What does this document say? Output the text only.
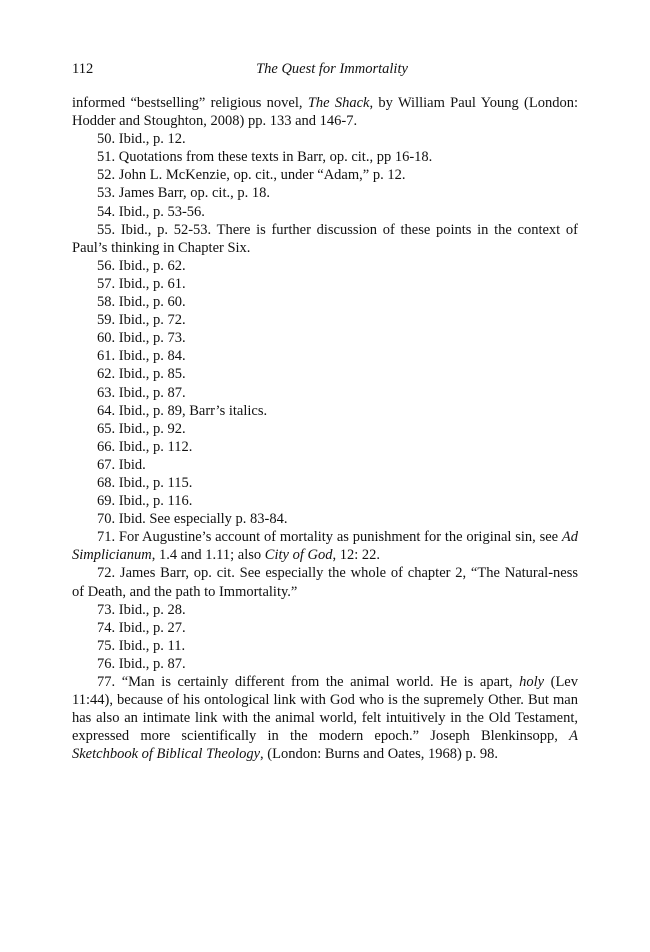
112	The Quest for Immortality

informed “bestselling” religious novel, The Shack, by William Paul Young (London: Hodder and Stoughton, 2008) pp. 133 and 146-7.

50. Ibid., p. 12.

51. Quotations from these texts in Barr, op. cit., pp 16-18.

52. John L. McKenzie, op. cit., under “Adam,” p. 12.

53. James Barr, op. cit., p. 18.

54. Ibid., p. 53-56.

55. Ibid., p. 52-53. There is further discussion of these points in the context of Paul’s thinking in Chapter Six.

56. Ibid., p. 62.

57. Ibid., p. 61.

58. Ibid., p. 60.

59. Ibid., p. 72.

60. Ibid., p. 73.

61. Ibid., p. 84.

62. Ibid., p. 85.

63. Ibid., p. 87.

64. Ibid., p. 89, Barr’s italics.

65. Ibid., p. 92.

66. Ibid., p. 112.

67. Ibid.

68. Ibid., p. 115.

69. Ibid., p. 116.

70. Ibid. See especially p. 83-84.

71. For Augustine’s account of mortality as punishment for the original sin, see Ad Simplicianum, 1.4 and 1.11; also City of God, 12: 22.

72. James Barr, op. cit. See especially the whole of chapter 2, “The Natural-ness of Death, and the path to Immortality.”

73. Ibid., p. 28.

74. Ibid., p. 27.

75. Ibid., p. 11.

76. Ibid., p. 87.

77. “Man is certainly different from the animal world. He is apart, holy (Lev 11:44), because of his ontological link with God who is the supremely Other. But man has also an intimate link with the animal world, felt intuitively in the Old Testament, expressed more scientifically in the modern epoch.” Joseph Blenkinsopp, A Sketchbook of Biblical Theology, (London: Burns and Oates, 1968) p. 98.
